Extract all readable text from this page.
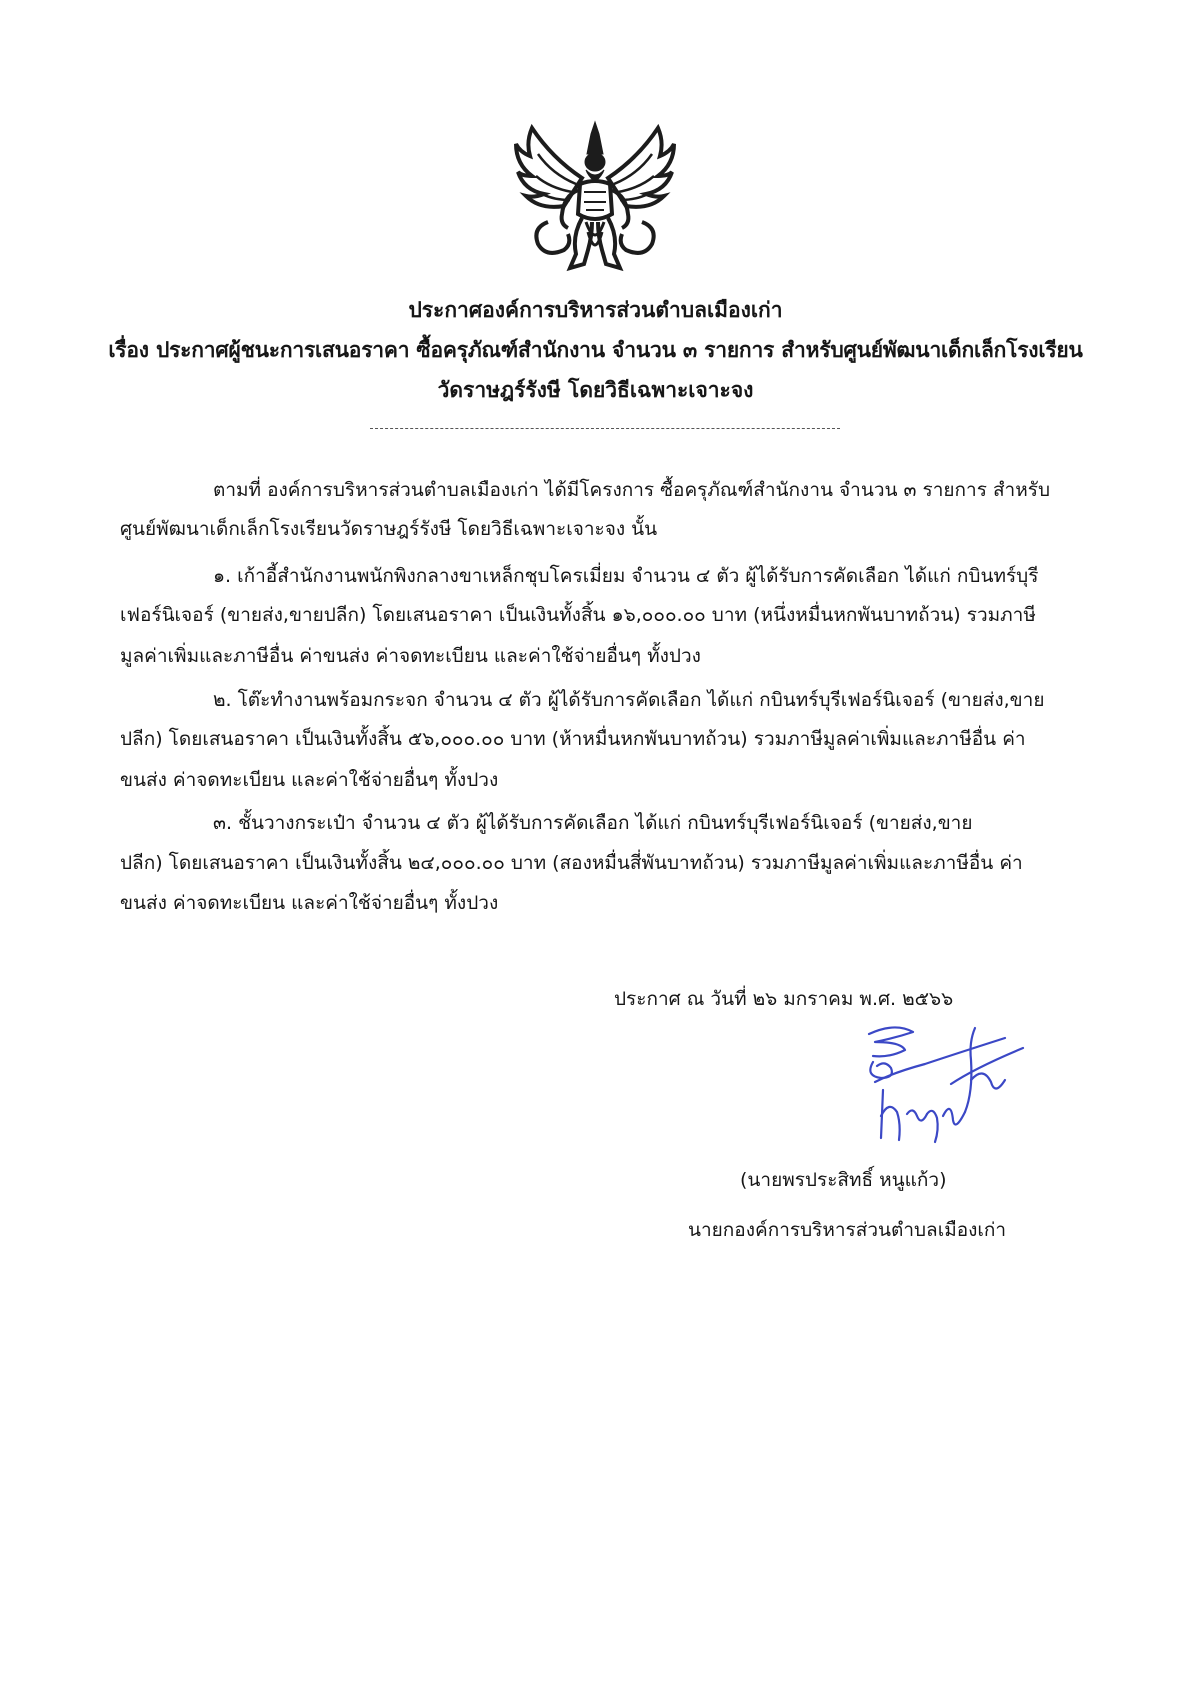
ประกาศองค์การบริหารส่วนตำบลเมืองเก่า
เรื่อง ประกาศผู้ชนะการเสนอราคา ซื้อครุภัณฑ์สำนักงาน จำนวน ๓ รายการ สำหรับศูนย์พัฒนาเด็กเล็กโรงเรียน
วัดราษฎร์รังษี โดยวิธีเฉพาะเจาะจง
ตามที่ องค์การบริหารส่วนตำบลเมืองเก่า ได้มีโครงการ ซื้อครุภัณฑ์สำนักงาน จำนวน ๓ รายการ สำหรับ
ศูนย์พัฒนาเด็กเล็กโรงเรียนวัดราษฎร์รังษี โดยวิธีเฉพาะเจาะจง นั้น
๑. เก้าอี้สำนักงานพนักพิงกลางขาเหล็กชุบโครเมี่ยม จำนวน ๔ ตัว ผู้ได้รับการคัดเลือก ได้แก่ กบินทร์บุรี
เฟอร์นิเจอร์ (ขายส่ง,ขายปลีก) โดยเสนอราคา เป็นเงินทั้งสิ้น ๑๖,๐๐๐.๐๐ บาท (หนึ่งหมื่นหกพันบาทถ้วน) รวมภาษี
มูลค่าเพิ่มและภาษีอื่น ค่าขนส่ง ค่าจดทะเบียน และค่าใช้จ่ายอื่นๆ ทั้งปวง
๒. โต๊ะทำงานพร้อมกระจก จำนวน ๔ ตัว ผู้ได้รับการคัดเลือก ได้แก่ กบินทร์บุรีเฟอร์นิเจอร์ (ขายส่ง,ขาย
ปลีก) โดยเสนอราคา เป็นเงินทั้งสิ้น ๕๖,๐๐๐.๐๐ บาท (ห้าหมื่นหกพันบาทถ้วน) รวมภาษีมูลค่าเพิ่มและภาษีอื่น ค่า
ขนส่ง ค่าจดทะเบียน และค่าใช้จ่ายอื่นๆ ทั้งปวง
๓. ชั้นวางกระเป๋า จำนวน ๔ ตัว ผู้ได้รับการคัดเลือก ได้แก่ กบินทร์บุรีเฟอร์นิเจอร์ (ขายส่ง,ขาย
ปลีก) โดยเสนอราคา เป็นเงินทั้งสิ้น ๒๔,๐๐๐.๐๐ บาท (สองหมื่นสี่พันบาทถ้วน) รวมภาษีมูลค่าเพิ่มและภาษีอื่น ค่า
ขนส่ง ค่าจดทะเบียน และค่าใช้จ่ายอื่นๆ ทั้งปวง
ประกาศ ณ วันที่ ๒๖ มกราคม พ.ศ. ๒๕๖๖
(นายพรประสิทธิ์ หนูแก้ว)
นายกองค์การบริหารส่วนตำบลเมืองเก่า
